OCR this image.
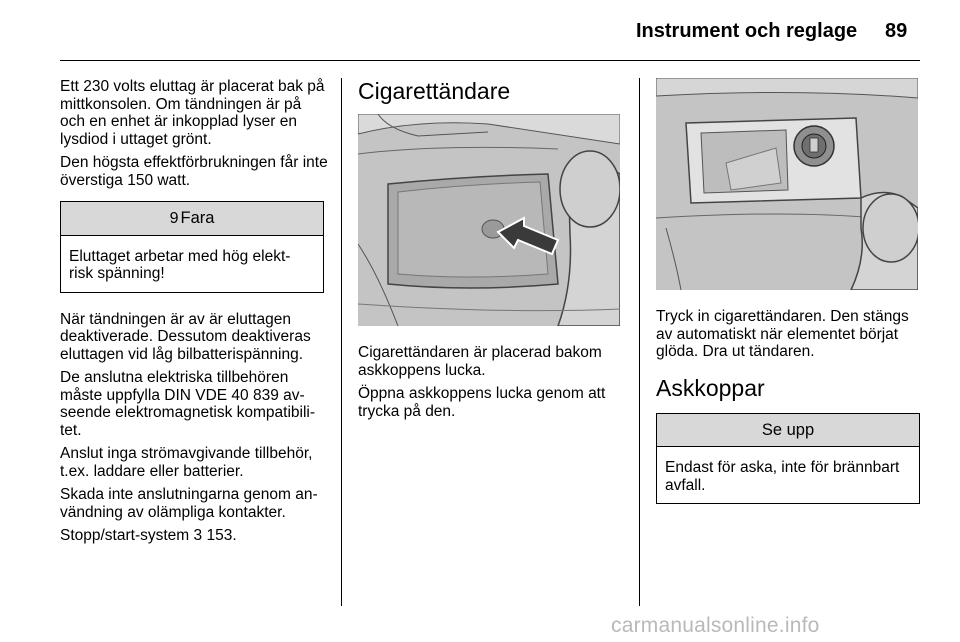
Instrument och reglage 89

Ett 230 volts eluttag är placerat bak på mittkonsolen. Om tändningen är på och en enhet är inkopplad lyser en lysdiod i uttaget grönt.

Den högsta effektförbrukningen får inte överstiga 150 watt.

9 Fara
Eluttaget arbetar med hög elekt- risk spänning!

När tändningen är av är eluttagen deaktiverade. Dessutom deaktiveras eluttagen vid låg bilbatterispänning.

De anslutna elektriska tillbehören måste uppfylla DIN VDE 40 839 av- seende elektromagnetisk kompatibili- tet.

Anslut inga strömavgivande tillbehör, t.ex. laddare eller batterier.

Skada inte anslutningarna genom an- vändning av olämpliga kontakter.

Stopp/start-system 3 153.

Cigarettändare

Cigarettändaren är placerad bakom askkoppens lucka.

Öppna askkoppens lucka genom att trycka på den.

Tryck in cigarettändaren. Den stängs av automatiskt när elementet börjat glöda. Dra ut tändaren.

Askkoppar
Se upp
Endast för aska, inte för brännbart avfall.
carmanualsonline.info
